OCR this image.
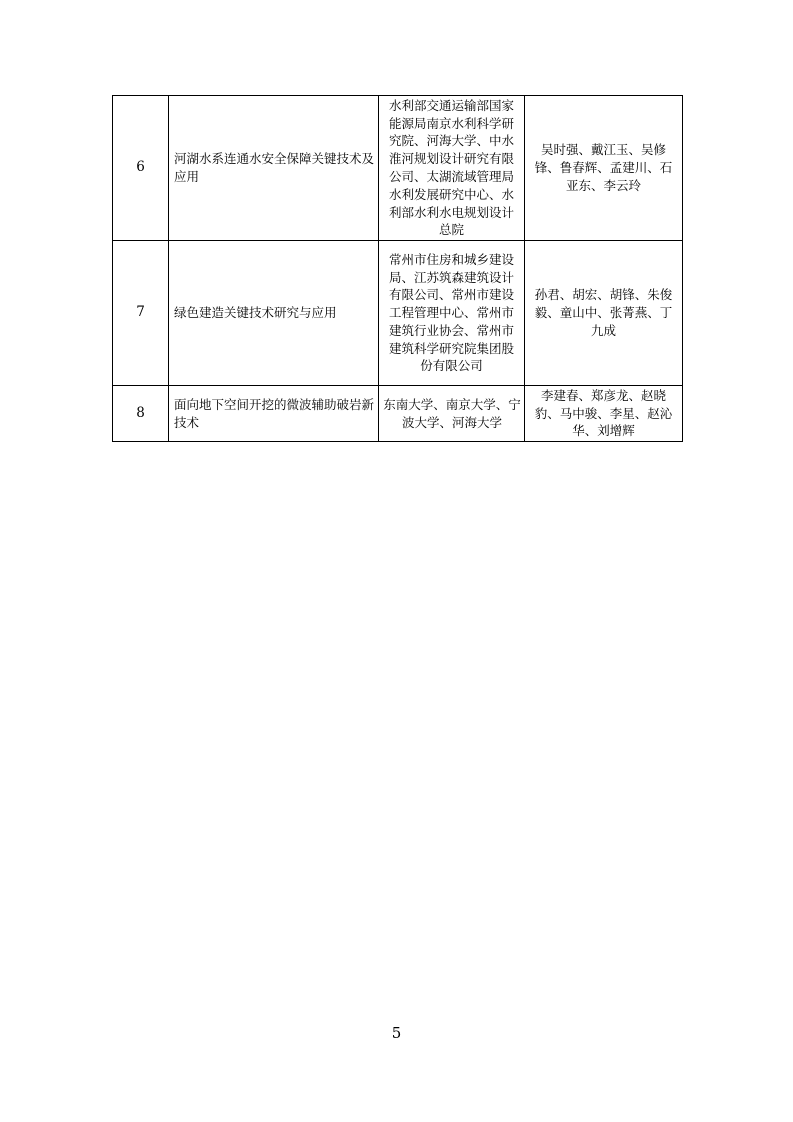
6	河湖水系连通水安全保障关键技术及应用	水利部交通运输部国家能源局南京水利科学研究院、河海大学、中水淮河规划设计研究有限公司、太湖流域管理局水利发展研究中心、水利部水利水电规划设计总院	吴时强、戴江玉、吴修锋、鲁春辉、孟建川、石亚东、李云玲
7	绿色建造关键技术研究与应用	常州市住房和城乡建设局、江苏筑森建筑设计有限公司、常州市建设工程管理中心、常州市建筑行业协会、常州市建筑科学研究院集团股份有限公司	孙君、胡宏、胡锋、朱俊毅、童山中、张菁燕、丁九成
8	面向地下空间开挖的微波辅助破岩新技术	东南大学、南京大学、宁波大学、河海大学	李建春、郑彦龙、赵晓豹、马中骏、李星、赵沁华、刘增辉
5
